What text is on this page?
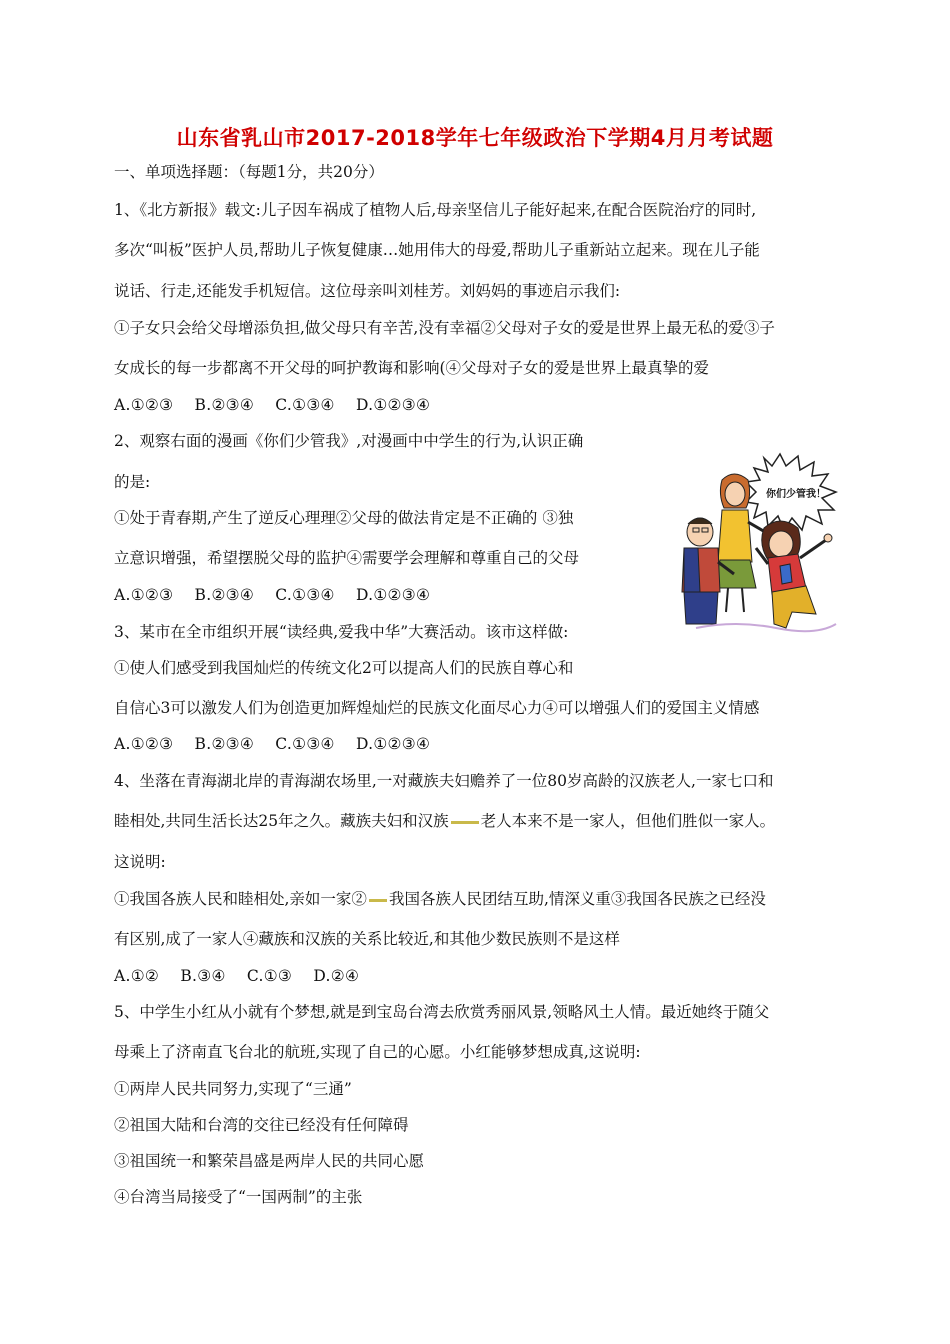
山东省乳山市2017-2018学年七年级政治下学期4月月考试题
一、单项选择题：（每题1分，共20分）
1、《北方新报》载文:儿子因车祸成了植物人后,母亲坚信儿子能好起来,在配合医院治疗的同时,
多次“叫板”医护人员,帮助儿子恢复健康…她用伟大的母爱,帮助儿子重新站立起来。现在儿子能
说话、行走,还能发手机短信。这位母亲叫刘桂芳。刘妈妈的事迹启示我们:
①子女只会给父母增添负担,做父母只有辛苦,没有幸福②父母对子女的爱是世界上最无私的爱③子
女成长的每一步都离不开父母的呵护教诲和影响(④父母对子女的爱是世界上最真挚的爱
A.①②③ B.②③④ C.①③④ D.①②③④
2、观察右面的漫画《你们少管我》,对漫画中中学生的行为,认识正确
的是:
①处于青春期,产生了逆反心理理②父母的做法肯定是不正确的 ③独
立意识增强，希望摆脱父母的监护④需要学会理解和尊重自己的父母
A.①②③ B.②③④ C.①③④ D.①②③④
你们少管我！
3、某市在全市组织开展“读经典,爱我中华”大赛活动。该市这样做:
①使人们感受到我国灿烂的传统文化2可以提高人们的民族自尊心和
自信心3可以激发人们为创造更加辉煌灿烂的民族文化面尽心力④可以增强人们的爱国主义情感
A.①②③ B.②③④ C.①③④ D.①②③④
4、坐落在青海湖北岸的青海湖农场里,一对藏族夫妇赡养了一位80岁高龄的汉族老人,一家七口和
睦相处,共同生活长达25年之久。藏族夫妇和汉族 老人本来不是一家人，但他们胜似一家人。
这说明:
①我国各族人民和睦相处,亲如一家② 我国各族人民团结互助,情深义重③我国各民族之已经没
有区别,成了一家人④藏族和汉族的关系比较近,和其他少数民族则不是这样
A.①② B.③④ C.①③ D.②④
5、中学生小红从小就有个梦想,就是到宝岛台湾去欣赏秀丽风景,领略风土人情。最近她终于随父
母乘上了济南直飞台北的航班,实现了自己的心愿。小红能够梦想成真,这说明:
①两岸人民共同努力,实现了“三通”
②祖国大陆和台湾的交往已经没有任何障碍
③祖国统一和繁荣昌盛是两岸人民的共同心愿
④台湾当局接受了“一国两制”的主张
